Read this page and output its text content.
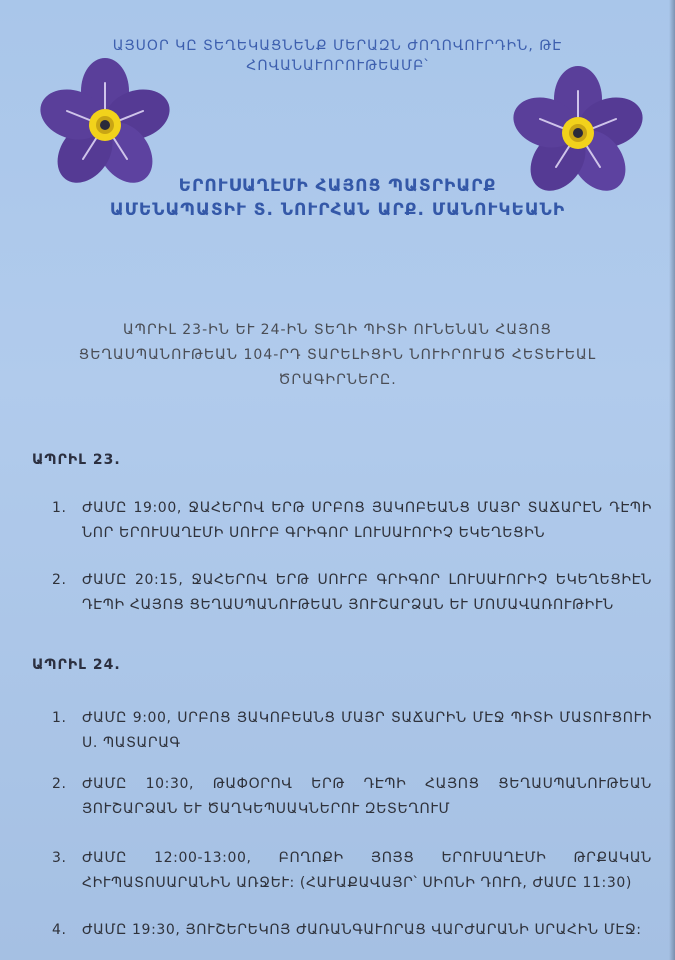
ԱՅՍՕՐ ԿԸ ՏԵՂԵԿԱՑՆԵՆՔ ՄԵՐԱԶՆ ԺՈՂՈՎՈՒՐԴԻՆ, ԹԷ
ՀՈՎԱՆԱՒՈՐՈՒԹԵԱՄԲ՝
ԵՐՈՒՍԱՂԷՄԻ ՀԱՅՈՑ ՊԱՏՐԻԱՐՔ
ԱՄԵՆԱՊԱՏԻՒ Տ. ՆՈՒՐՀԱՆ ԱՐՔ. ՄԱՆՈՒԿԵԱՆԻ
ԱՊՐԻԼ 23-ԻՆ ԵՒ 24-ԻՆ ՏԵՂԻ ՊԻՏԻ ՈՒՆԵՆԱՆ ՀԱՅՈՑ
ՑԵՂԱՍՊԱՆՈՒԹԵԱՆ 104-ՐԴ ՏԱՐԵԼԻՑԻՆ ՆՈՒԻՐՈՒԱԾ ՀԵՏԵՒԵԱԼ
ԾՐԱԳԻՐՆԵՐԸ.
ԱՊՐԻԼ 23.
1.	ԺԱՄԸ 19:00, ՋԱՀԵՐՈՎ ԵՐԹ ՍՐԲՈՑ ՅԱԿՈԲԵԱՆՑ ՄԱՅՐ ՏԱՃԱՐԷՆ ԴԷՊԻ ՆՈՐ ԵՐՈՒՍԱՂԷՄԻ ՍՈՒՐԲ ԳՐԻԳՈՐ ԼՈՒՍԱՒՈՐԻՉ ԵԿԵՂԵՑԻՆ
2.	ԺԱՄԸ 20:15, ՋԱՀԵՐՈՎ ԵՐԹ ՍՈՒՐԲ ԳՐԻԳՈՐ ԼՈՒՍԱՒՈՐԻՉ ԵԿԵՂԵՑԻԷՆ ԴԷՊԻ ՀԱՅՈՑ ՑԵՂԱՍՊԱՆՈՒԹԵԱՆ ՅՈՒՇԱՐՁԱՆ ԵՒ ՄՈՄԱՎԱՌՈՒԹԻՒՆ
ԱՊՐԻԼ 24.
1.	ԺԱՄԸ 9:00, ՍՐԲՈՑ ՅԱԿՈԲԵԱՆՑ ՄԱՅՐ ՏԱՃԱՐԻՆ ՄԷՋ ՊԻՏԻ ՄԱՏՈՒՑՈՒԻ Ս. ՊԱՏԱՐԱԳ
2.	ԺԱՄԸ 10:30, ԹԱՓՕՐՈՎ ԵՐԹ ԴԷՊԻ ՀԱՅՈՑ ՑԵՂԱՍՊԱՆՈՒԹԵԱՆ ՅՈՒՇԱՐՁԱՆ ԵՒ ԾԱՂԿԵՊՍԱԿՆԵՐՈՒ ԶԵՏԵՂՈՒՄ
3.	ԺԱՄԸ 12:00-13:00, ԲՈՂՈՔԻ ՅՈՅՑ ԵՐՈՒՍԱՂԷՄԻ ԹՐՔԱԿԱՆ ՀԻՒՊԱՏՈՍԱՐԱՆԻՆ ԱՌՋԵՒ: (ՀԱՒԱՔԱՎԱՅՐ՝ ՍԻՈՆԻ ԴՈՒՌ, ԺԱՄԸ 11:30)
4.	ԺԱՄԸ 19:30, ՅՈՒՇԵՐԵԿՈՅ ԺԱՌԱՆԳԱՒՈՐԱՑ ՎԱՐԺԱՐԱՆԻ ՍՐԱՀԻՆ ՄԷՋ:
